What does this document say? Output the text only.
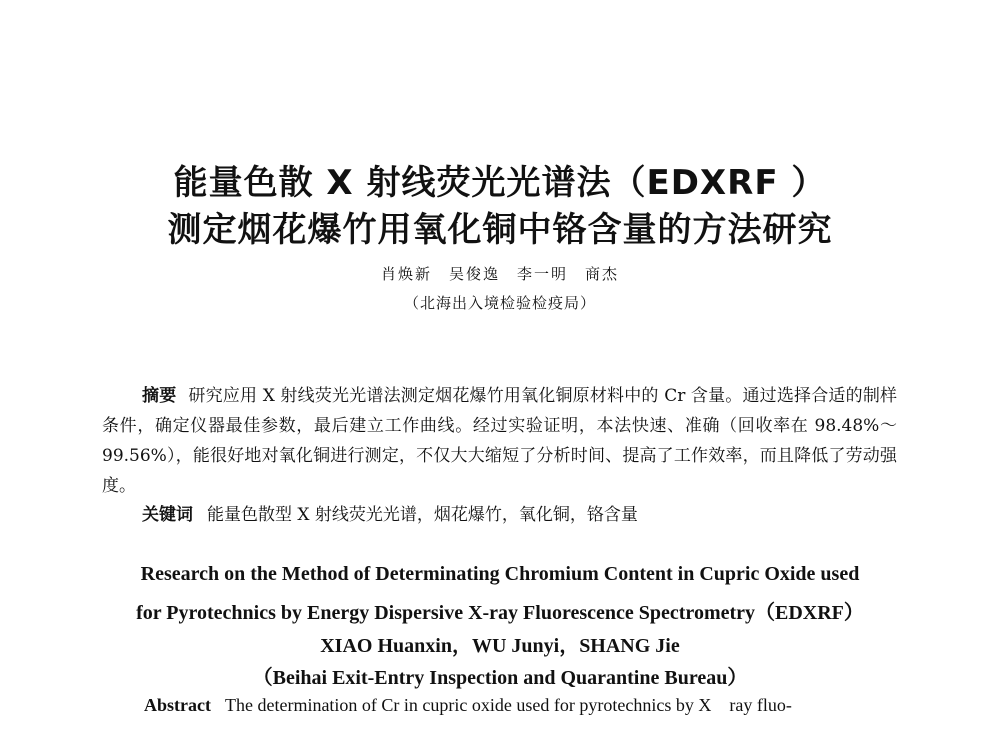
能量色散 X 射线荧光光谱法（EDXRF ）
测定烟花爆竹用氧化铜中铬含量的方法研究
肖焕新　吴俊逸　李一明　商杰
（北海出入境检验检疫局）
摘要 研究应用 X 射线荧光光谱法测定烟花爆竹用氧化铜原材料中的 Cr 含量。通过选择合适的制样条件，确定仪器最佳参数，最后建立工作曲线。经过实验证明，本法快速、准确（回收率在 98.48%～99.56%），能很好地对氧化铜进行测定，不仅大大缩短了分析时间、提高了工作效率，而且降低了劳动强度。
关键词 能量色散型 X 射线荧光光谱，烟花爆竹，氧化铜，铬含量
Research on the Method of Determinating Chromium Content in Cupric Oxide used
for Pyrotechnics by Energy Dispersive X-ray Fluorescence Spectrometry（EDXRF）
XIAO Huanxin，WU Junyi，SHANG Jie
（Beihai Exit-Entry Inspection and Quarantine Bureau）
Abstract The determination of Cr in cupric oxide used for pyrotechnics by X　ray fluo-
